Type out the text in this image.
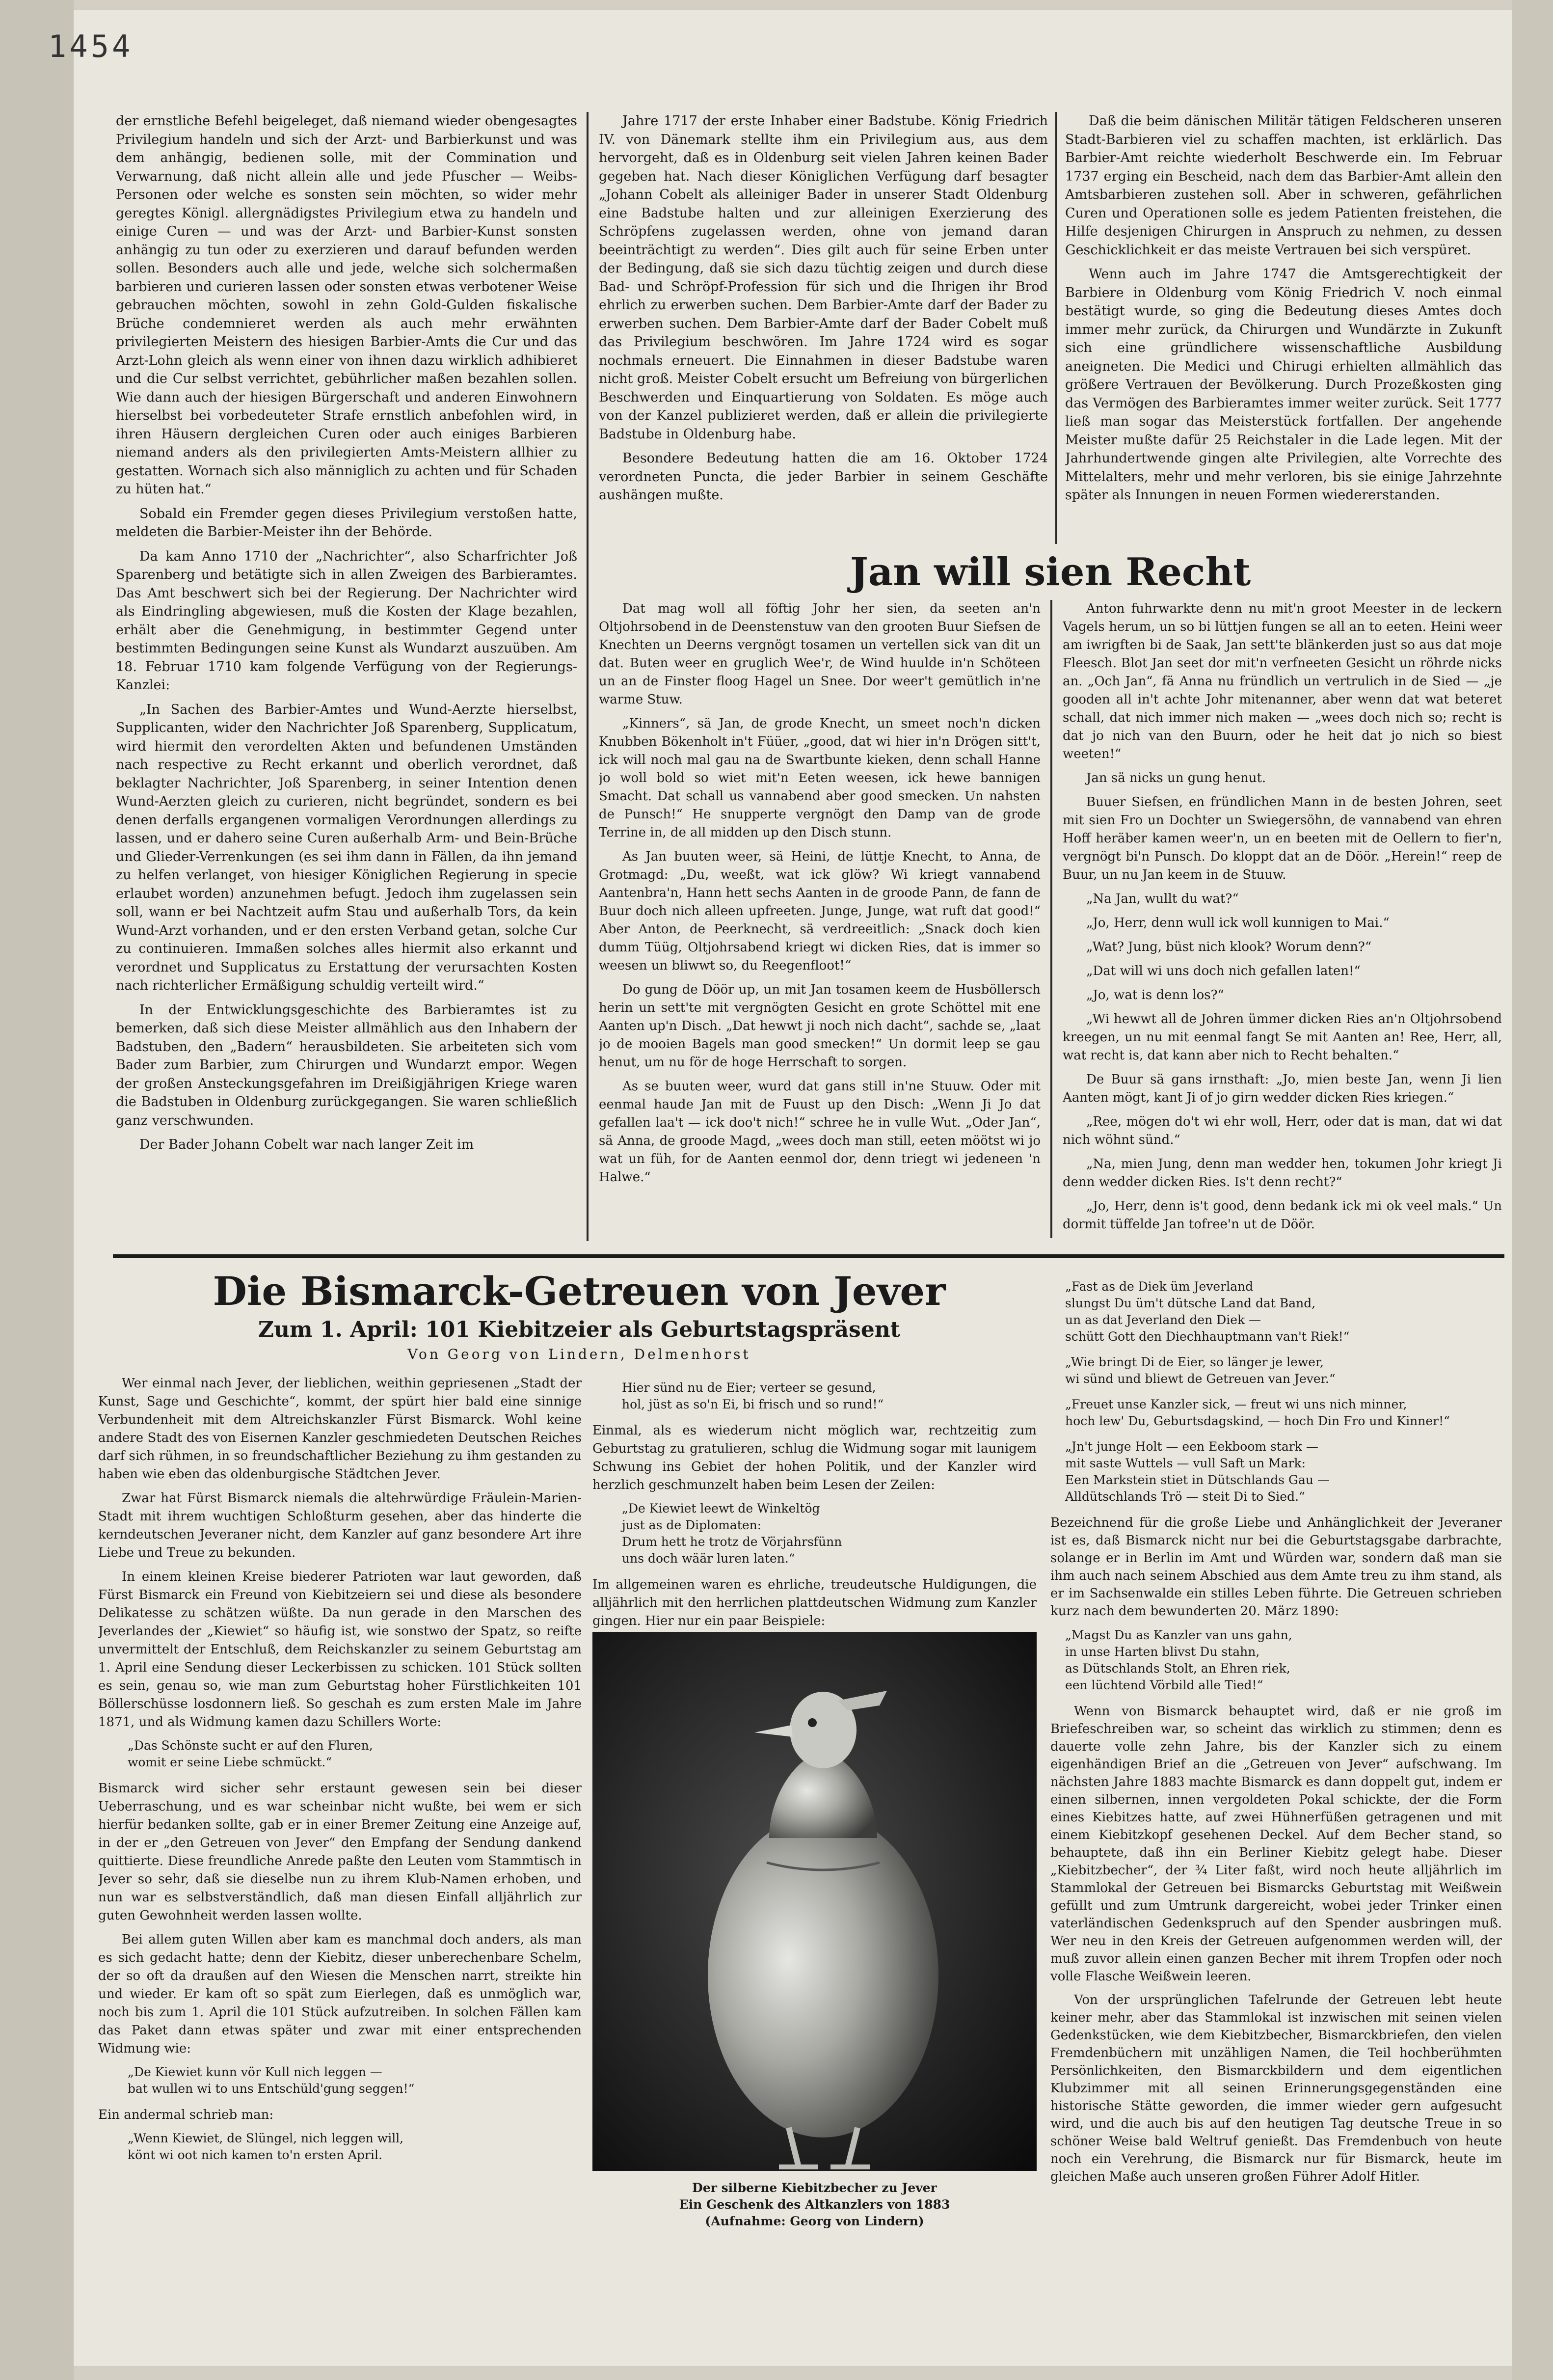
1454

der ernstliche Befehl beigeleget, daß niemand wieder obengesagtes Privilegium handeln und sich der Arzt- und Barbierkunst und was dem anhängig, bedienen solle, mit der Commination und Verwarnung, daß nicht allein alle und jede Pfuscher — Weibs-Personen oder welche es sonsten sein möchten, so wider mehr geregtes Königl. allergnädigstes Privilegium etwa zu handeln und einige Curen — und was der Arzt- und Barbier-Kunst sonsten anhängig zu tun oder zu exerzieren und darauf befunden werden sollen. Besonders auch alle und jede, welche sich solchermaßen barbieren und curieren lassen oder sonsten etwas verbotener Weise gebrauchen möchten, sowohl in zehn Gold-Gulden fiskalische Brüche condemnieret werden als auch mehr erwähnten privilegierten Meistern des hiesigen Barbier-Amts die Cur und das Arzt-Lohn gleich als wenn einer von ihnen dazu wirklich adhibieret und die Cur selbst verrichtet, gebührlicher maßen bezahlen sollen. Wie dann auch der hiesigen Bürgerschaft und anderen Einwohnern hierselbst bei vorbedeuteter Strafe ernstlich anbefohlen wird, in ihren Häusern dergleichen Curen oder auch einiges Barbieren niemand anders als den privilegierten Amts-Meistern allhier zu gestatten. Wornach sich also männiglich zu achten und für Schaden zu hüten hat.“

Sobald ein Fremder gegen dieses Privilegium verstoßen hatte, meldeten die Barbier-Meister ihn der Behörde.

Da kam Anno 1710 der „Nachrichter“, also Scharfrichter Joß Sparenberg und betätigte sich in allen Zweigen des Barbieramtes. Das Amt beschwert sich bei der Regierung. Der Nachrichter wird als Eindringling abgewiesen, muß die Kosten der Klage bezahlen, erhält aber die Genehmigung, in bestimmter Gegend unter bestimmten Bedingungen seine Kunst als Wundarzt auszuüben. Am 18. Februar 1710 kam folgende Verfügung von der Regierungs-Kanzlei:

„In Sachen des Barbier-Amtes und Wund-Aerzte hierselbst, Supplicanten, wider den Nachrichter Joß Sparenberg, Supplicatum, wird hiermit den verordelten Akten und befundenen Umständen nach respective zu Recht erkannt und oberlich verordnet, daß beklagter Nachrichter, Joß Sparenberg, in seiner Intention denen Wund-Aerzten gleich zu curieren, nicht begründet, sondern es bei denen derfalls ergangenen vormaligen Verordnungen allerdings zu lassen, und er dahero seine Curen außerhalb Arm- und Bein-Brüche und Glieder-Verrenkungen (es sei ihm dann in Fällen, da ihn jemand zu helfen verlanget, von hiesiger Königlichen Regierung in specie erlaubet worden) anzunehmen befugt. Jedoch ihm zugelassen sein soll, wann er bei Nachtzeit aufm Stau und außerhalb Tors, da kein Wund-Arzt vorhanden, und er den ersten Verband getan, solche Cur zu continuieren. Immaßen solches alles hiermit also erkannt und verordnet und Supplicatus zu Erstattung der verursachten Kosten nach richterlicher Ermäßigung schuldig verteilt wird.“

In der Entwicklungsgeschichte des Barbieramtes ist zu bemerken, daß sich diese Meister allmählich aus den Inhabern der Badstuben, den „Badern“ herausbildeten. Sie arbeiteten sich vom Bader zum Barbier, zum Chirurgen und Wundarzt empor. Wegen der großen Ansteckungsgefahren im Dreißigjährigen Kriege waren die Badstuben in Oldenburg zurückgegangen. Sie waren schließlich ganz verschwunden.

Der Bader Johann Cobelt war nach langer Zeit im

Jahre 1717 der erste Inhaber einer Badstube. König Friedrich IV. von Dänemark stellte ihm ein Privilegium aus, aus dem hervorgeht, daß es in Oldenburg seit vielen Jahren keinen Bader gegeben hat. Nach dieser Königlichen Verfügung darf besagter „Johann Cobelt als alleiniger Bader in unserer Stadt Oldenburg eine Badstube halten und zur alleinigen Exerzierung des Schröpfens zugelassen werden, ohne von jemand daran beeinträchtigt zu werden“. Dies gilt auch für seine Erben unter der Bedingung, daß sie sich dazu tüchtig zeigen und durch diese Bad- und Schröpf-Profession für sich und die Ihrigen ihr Brod ehrlich zu erwerben suchen. Dem Barbier-Amte darf der Bader zu erwerben suchen. Dem Barbier-Amte darf der Bader Cobelt muß das Privilegium beschwören. Im Jahre 1724 wird es sogar nochmals erneuert. Die Einnahmen in dieser Badstube waren nicht groß. Meister Cobelt ersucht um Befreiung von bürgerlichen Beschwerden und Einquartierung von Soldaten. Es möge auch von der Kanzel publizieret werden, daß er allein die privilegierte Badstube in Oldenburg habe.

Besondere Bedeutung hatten die am 16. Oktober 1724 verordneten Puncta, die jeder Barbier in seinem Geschäfte aushängen mußte.

Daß die beim dänischen Militär tätigen Feldscheren unseren Stadt-Barbieren viel zu schaffen machten, ist erklärlich. Das Barbier-Amt reichte wiederholt Beschwerde ein. Im Februar 1737 erging ein Bescheid, nach dem das Barbier-Amt allein den Amtsbarbieren zustehen soll. Aber in schweren, gefährlichen Curen und Operationen solle es jedem Patienten freistehen, die Hilfe desjenigen Chirurgen in Anspruch zu nehmen, zu dessen Geschicklichkeit er das meiste Vertrauen bei sich verspüret.

Wenn auch im Jahre 1747 die Amtsgerechtigkeit der Barbiere in Oldenburg vom König Friedrich V. noch einmal bestätigt wurde, so ging die Bedeutung dieses Amtes doch immer mehr zurück, da Chirurgen und Wundärzte in Zukunft sich eine gründlichere wissenschaftliche Ausbildung aneigneten. Die Medici und Chirugi erhielten allmählich das größere Vertrauen der Bevölkerung. Durch Prozeßkosten ging das Vermögen des Barbieramtes immer weiter zurück. Seit 1777 ließ man sogar das Meisterstück fortfallen. Der angehende Meister mußte dafür 25 Reichstaler in die Lade legen. Mit der Jahrhundertwende gingen alte Privilegien, alte Vorrechte des Mittelalters, mehr und mehr verloren, bis sie einige Jahrzehnte später als Innungen in neuen Formen wiedererstanden.

Jan will sien Recht

Dat mag woll all föftig Johr her sien, da seeten an'n Oltjohrsobend in de Deenstenstuw van den grooten Buur Siefsen de Knechten un Deerns vergnögt tosamen un vertellen sick van dit un dat. Buten weer en gruglich Wee'r, de Wind huulde in'n Schöteen un an de Finster floog Hagel un Snee. Dor weer't gemütlich in'ne warme Stuw.

„Kinners“, sä Jan, de grode Knecht, un smeet noch'n dicken Knubben Bökenholt in't Füüer, „good, dat wi hier in'n Drögen sitt't, ick will noch mal gau na de Swartbunte kieken, denn schall Hanne jo woll bold so wiet mit'n Eeten weesen, ick hewe bannigen Smacht. Dat schall us vannabend aber good smecken. Un nahsten de Punsch!“ He snupperte vergnögt den Damp van de grode Terrine in, de all midden up den Disch stunn.

As Jan buuten weer, sä Heini, de lüttje Knecht, to Anna, de Grotmagd: „Du, weeßt, wat ick glöw? Wi kriegt vannabend Aantenbra'n, Hann hett sechs Aanten in de groode Pann, de fann de Buur doch nich alleen upfreeten. Junge, Junge, wat ruft dat good!“ Aber Anton, de Peerknecht, sä verdreeitlich: „Snack doch kien dumm Tüüg, Oltjohrsabend kriegt wi dicken Ries, dat is immer so weesen un bliwwt so, du Reegenfloot!“

Do gung de Döör up, un mit Jan tosamen keem de Husböllersch herin un sett'te mit vergnögten Gesicht en grote Schöttel mit ene Aanten up'n Disch. „Dat hewwt ji noch nich dacht“, sachde se, „laat jo de mooien Bagels man good smecken!“ Un dormit leep se gau henut, um nu för de hoge Herrschaft to sorgen.

As se buuten weer, wurd dat gans still in'ne Stuuw. Oder mit eenmal haude Jan mit de Fuust up den Disch: „Wenn Ji Jo dat gefallen laa't — ick doo't nich!“ schree he in vulle Wut. „Oder Jan“, sä Anna, de groode Magd, „wees doch man still, eeten möötst wi jo wat un füh, for de Aanten eenmol dor, denn triegt wi jedeneen 'n Halwe.“

Anton fuhrwarkte denn nu mit'n groot Meester in de leckern Vagels herum, un so bi lüttjen fungen se all an to eeten. Heini weer am iwrigften bi de Saak, Jan sett'te blänkerden just so aus dat moje Fleesch. Blot Jan seet dor mit'n verfneeten Gesicht un röhrde nicks an. „Och Jan“, fä Anna nu fründlich un vertrulich in de Sied — „je gooden all in't achte Johr mitenanner, aber wenn dat wat beteret schall, dat nich immer nich maken — „wees doch nich so; recht is dat jo nich van den Buurn, oder he heit dat jo nich so biest weeten!“

Jan sä nicks un gung henut.

Buuer Siefsen, en fründlichen Mann in de besten Johren, seet mit sien Fro un Dochter un Swiegersöhn, de vannabend van ehren Hoff heräber kamen weer'n, un en beeten mit de Oellern to fier'n, vergnögt bi'n Punsch. Do kloppt dat an de Döör. „Herein!“ reep de Buur, un nu Jan keem in de Stuuw.

„Na Jan, wullt du wat?“

„Jo, Herr, denn wull ick woll kunnigen to Mai.“

„Wat? Jung, büst nich klook? Worum denn?“

„Dat will wi uns doch nich gefallen laten!“

„Jo, wat is denn los?“

„Wi hewwt all de Johren ümmer dicken Ries an'n Oltjohrsobend kreegen, un nu mit eenmal fangt Se mit Aanten an! Ree, Herr, all, wat recht is, dat kann aber nich to Recht behalten.“

De Buur sä gans irnsthaft: „Jo, mien beste Jan, wenn Ji lien Aanten mögt, kant Ji of jo girn wedder dicken Ries kriegen.“

„Ree, mögen do't wi ehr woll, Herr, oder dat is man, dat wi dat nich wöhnt sünd.“

„Na, mien Jung, denn man wedder hen, tokumen Johr kriegt Ji denn wedder dicken Ries. Is't denn recht?“

„Jo, Herr, denn is't good, denn bedank ick mi ok veel mals.“ Un dormit tüffelde Jan tofree'n ut de Döör.

Die Bismarck-Getreuen von Jever
Zum 1. April: 101 Kiebitzeier als Geburtstagspräsent
Von Georg von Lindern, Delmenhorst

Wer einmal nach Jever, der lieblichen, weithin gepriesenen „Stadt der Kunst, Sage und Geschichte“, kommt, der spürt hier bald eine sinnige Verbundenheit mit dem Altreichskanzler Fürst Bismarck. Wohl keine andere Stadt des von Eisernen Kanzler geschmiedeten Deutschen Reiches darf sich rühmen, in so freundschaftlicher Beziehung zu ihm gestanden zu haben wie eben das oldenburgische Städtchen Jever.

Zwar hat Fürst Bismarck niemals die altehrwürdige Fräulein-Marien-Stadt mit ihrem wuchtigen Schloßturm gesehen, aber das hinderte die kerndeutschen Jeveraner nicht, dem Kanzler auf ganz besondere Art ihre Liebe und Treue zu bekunden.

In einem kleinen Kreise biederer Patrioten war laut geworden, daß Fürst Bismarck ein Freund von Kiebitzeiern sei und diese als besondere Delikatesse zu schätzen wüßte. Da nun gerade in den Marschen des Jeverlandes der „Kiewiet“ so häufig ist, wie sonstwo der Spatz, so reifte unvermittelt der Entschluß, dem Reichskanzler zu seinem Geburtstag am 1. April eine Sendung dieser Leckerbissen zu schicken. 101 Stück sollten es sein, genau so, wie man zum Geburtstag hoher Fürstlichkeiten 101 Böllerschüsse losdonnern ließ. So geschah es zum ersten Male im Jahre 1871, und als Widmung kamen dazu Schillers Worte:

„Das Schönste sucht er auf den Fluren,
womit er seine Liebe schmückt.“

Bismarck wird sicher sehr erstaunt gewesen sein bei dieser Ueberraschung, und es war scheinbar nicht wußte, bei wem er sich hierfür bedanken sollte, gab er in einer Bremer Zeitung eine Anzeige auf, in der er „den Getreuen von Jever“ den Empfang der Sendung dankend quittierte. Diese freundliche Anrede paßte den Leuten vom Stammtisch in Jever so sehr, daß sie dieselbe nun zu ihrem Klub-Namen erhoben, und nun war es selbstverständlich, daß man diesen Einfall alljährlich zur guten Gewohnheit werden lassen wollte.

Bei allem guten Willen aber kam es manchmal doch anders, als man es sich gedacht hatte; denn der Kiebitz, dieser unberechenbare Schelm, der so oft da draußen auf den Wiesen die Menschen narrt, streikte hin und wieder. Er kam oft so spät zum Eierlegen, daß es unmöglich war, noch bis zum 1. April die 101 Stück aufzutreiben. In solchen Fällen kam das Paket dann etwas später und zwar mit einer entsprechenden Widmung wie:

„De Kiewiet kunn vör Kull nich leggen —
bat wullen wi to uns Entschüld'gung seggen!“

Ein andermal schrieb man:

„Wenn Kiewiet, de Slüngel, nich leggen will,
könt wi oot nich kamen to'n ersten April.
Hier sünd nu de Eier; verteer se gesund,
hol, jüst as so'n Ei, bi frisch und so rund!“

Einmal, als es wiederum nicht möglich war, rechtzeitig zum Geburtstag zu gratulieren, schlug die Widmung sogar mit launigem Schwung ins Gebiet der hohen Politik, und der Kanzler wird herzlich geschmunzelt haben beim Lesen der Zeilen:

„De Kiewiet leewt de Winkeltög
just as de Diplomaten:
Drum hett he trotz de Vörjahrsfünn
uns doch wäär luren laten.“

Im allgemeinen waren es ehrliche, treudeutsche Huldigungen, die alljährlich mit den herrlichen plattdeutschen Widmung zum Kanzler gingen. Hier nur ein paar Beispiele:

Der silberne Kiebitzbecher zu Jever
Ein Geschenk des Altkanzlers von 1883
(Aufnahme: Georg von Lindern)
„Fast as de Diek üm Jeverland
slungst Du üm't dütsche Land dat Band,
un as dat Jeverland den Diek —
schütt Gott den Diechhauptmann van't Riek!“
„Wie bringt Di de Eier, so länger je lewer,
wi sünd und bliewt de Getreuen van Jever.“
„Freuet unse Kanzler sick, — freut wi uns nich minner,
hoch lew' Du, Geburtsdagskind, — hoch Din Fro und Kinner!“
„Jn't junge Holt — een Eekboom stark —
mit saste Wuttels — vull Saft un Mark:
Een Markstein stiet in Dütschlands Gau —
Alldütschlands Trö — steit Di to Sied.“

Bezeichnend für die große Liebe und Anhänglichkeit der Jeveraner ist es, daß Bismarck nicht nur bei die Geburtstagsgabe darbrachte, solange er in Berlin im Amt und Würden war, sondern daß man sie ihm auch nach seinem Abschied aus dem Amte treu zu ihm stand, als er im Sachsenwalde ein stilles Leben führte. Die Getreuen schrieben kurz nach dem bewunderten 20. März 1890:

„Magst Du as Kanzler van uns gahn,
in unse Harten blivst Du stahn,
as Dütschlands Stolt, an Ehren riek,
een lüchtend Vörbild alle Tied!“

Wenn von Bismarck behauptet wird, daß er nie groß im Briefeschreiben war, so scheint das wirklich zu stimmen; denn es dauerte volle zehn Jahre, bis der Kanzler sich zu einem eigenhändigen Brief an die „Getreuen von Jever“ aufschwang. Im nächsten Jahre 1883 machte Bismarck es dann doppelt gut, indem er einen silbernen, innen vergoldeten Pokal schickte, der die Form eines Kiebitzes hatte, auf zwei Hühnerfüßen getragenen und mit einem Kiebitzkopf gesehenen Deckel. Auf dem Becher stand, so behauptete, daß ihn ein Berliner Kiebitz gelegt habe. Dieser „Kiebitzbecher“, der ¾ Liter faßt, wird noch heute alljährlich im Stammlokal der Getreuen bei Bismarcks Geburtstag mit Weißwein gefüllt und zum Umtrunk dargereicht, wobei jeder Trinker einen vaterländischen Gedenkspruch auf den Spender ausbringen muß. Wer neu in den Kreis der Getreuen aufgenommen werden will, der muß zuvor allein einen ganzen Becher mit ihrem Tropfen oder noch volle Flasche Weißwein leeren.

Von der ursprünglichen Tafelrunde der Getreuen lebt heute keiner mehr, aber das Stammlokal ist inzwischen mit seinen vielen Gedenkstücken, wie dem Kiebitzbecher, Bismarckbriefen, den vielen Fremdenbüchern mit unzähligen Namen, die Teil hochberühmten Persönlichkeiten, den Bismarckbildern und dem eigentlichen Klubzimmer mit all seinen Erinnerungsgegenständen eine historische Stätte geworden, die immer wieder gern aufgesucht wird, und die auch bis auf den heutigen Tag deutsche Treue in so schöner Weise bald Weltruf genießt. Das Fremdenbuch von heute noch ein Verehrung, die Bismarck nur für Bismarck, heute im gleichen Maße auch unseren großen Führer Adolf Hitler.
